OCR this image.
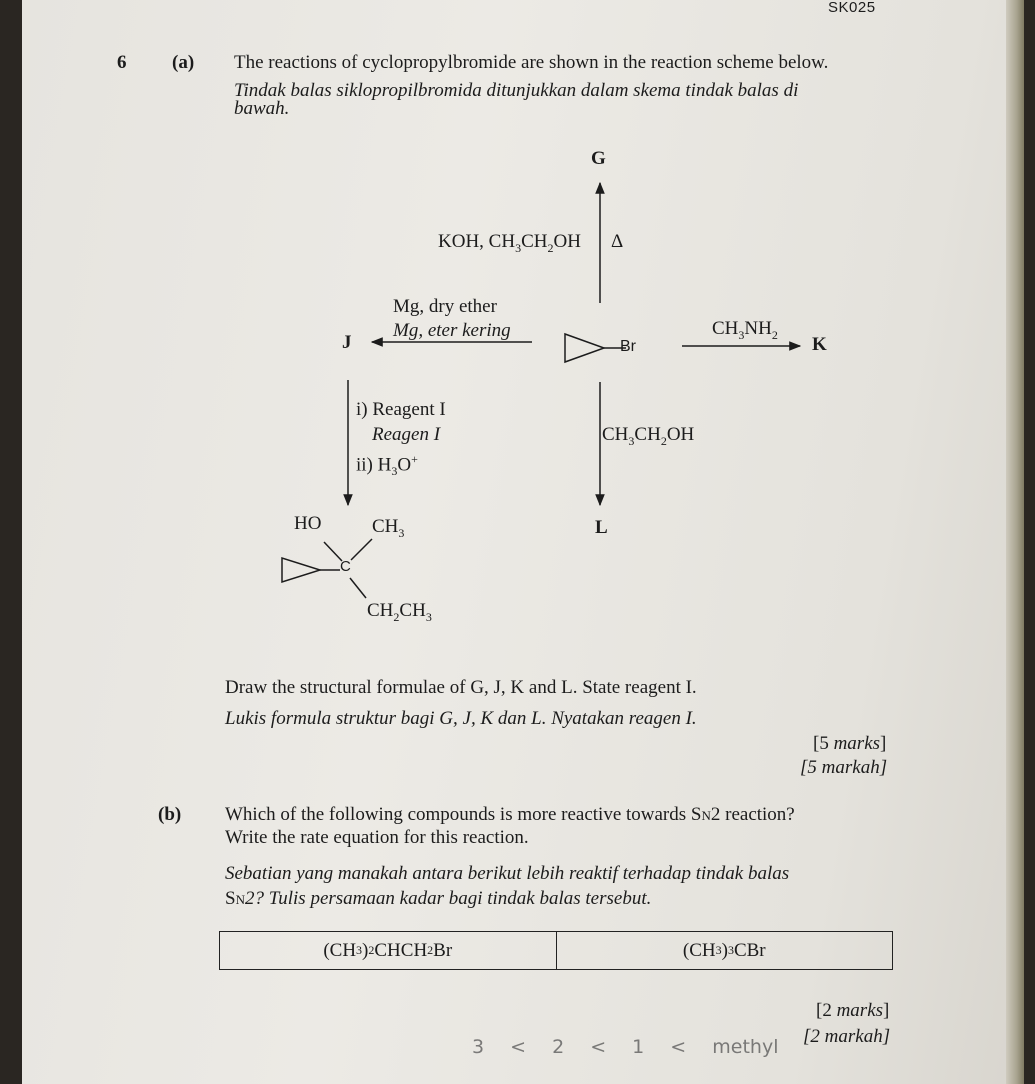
SK025
6 (a) The reactions of cyclopropylbromide are shown in the reaction scheme below.
Tindak balas siklopropilbromida ditunjukkan dalam skema tindak balas di
bawah.
G
KOH, $CH_3CH_2OH$ Δ
Mg, dry ether
Mg, eter kering
J	Br
$CH_3NH_2$ K
i) Reagent I
Reagen I
ii) $H_3O^+$
$CH_3CH_2OH$
L
HO	$CH_3$
C
$CH_2CH_3$
Draw the structural formulae of G, J, K and L. State reagent I.
Lukis formula struktur bagi G, J, K dan L. Nyatakan reagen I.
[5 marks]
[5 markah]
(b) Which of the following compounds is more reactive towards SN2 reaction?
Write the rate equation for this reaction.
Sebatian yang manakah antara berikut lebih reaktif terhadap tindak balas
SN2? Tulis persamaan kadar bagi tindak balas tersebut.
(CH 3 ) 2 CHCH 2 Br	(CH 3 ) 3 CBr
[2 marks]
[2 markah]
3 < 2 < 1 < methyl
